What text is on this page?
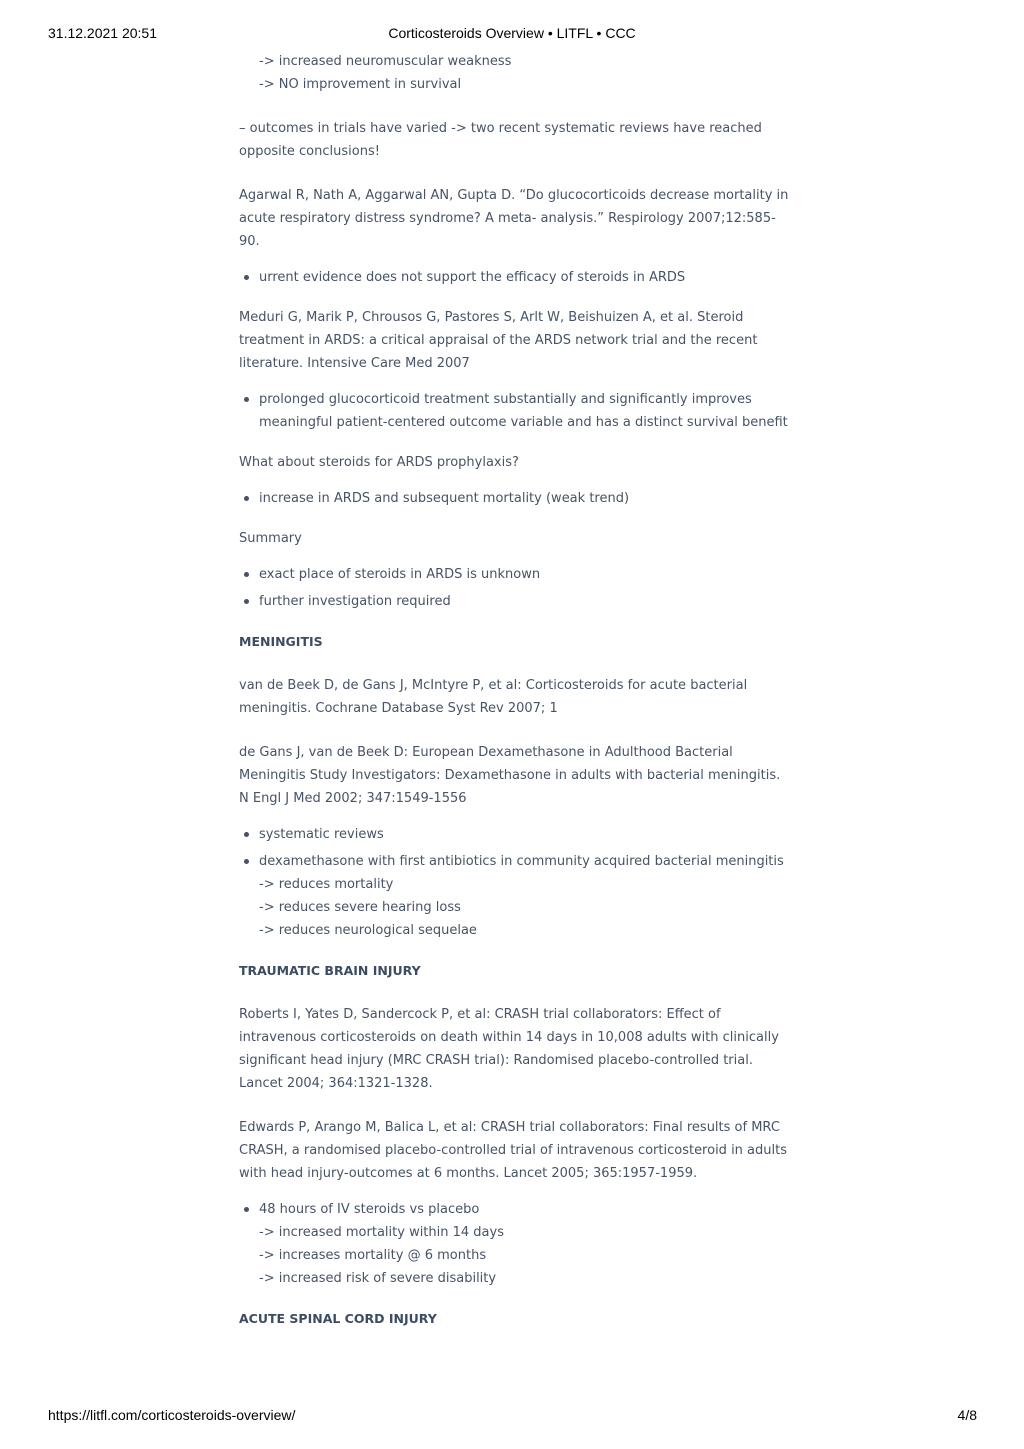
31.12.2021 20:51	Corticosteroids Overview • LITFL • CCC

-> increased neuromuscular weakness

-> NO improvement in survival

– outcomes in trials have varied -> two recent systematic reviews have reached opposite conclusions!

Agarwal R, Nath A, Aggarwal AN, Gupta D. “Do glucocorticoids decrease mortality in acute respiratory distress syndrome? A meta- analysis.” Respirology 2007;12:585-90.

urrent evidence does not support the efficacy of steroids in ARDS

Meduri G, Marik P, Chrousos G, Pastores S, Arlt W, Beishuizen A, et al. Steroid treatment in ARDS: a critical appraisal of the ARDS network trial and the recent literature. Intensive Care Med 2007

prolonged glucocorticoid treatment substantially and significantly improves meaningful patient-centered outcome variable and has a distinct survival benefit

What about steroids for ARDS prophylaxis?

increase in ARDS and subsequent mortality (weak trend)

Summary

exact place of steroids in ARDS is unknown
further investigation required

MENINGITIS

van de Beek D, de Gans J, McIntyre P, et al: Corticosteroids for acute bacterial meningitis. Cochrane Database Syst Rev 2007; 1

de Gans J, van de Beek D: European Dexamethasone in Adulthood Bacterial Meningitis Study Investigators: Dexamethasone in adults with bacterial meningitis. N Engl J Med 2002; 347:1549-1556

systematic reviews
dexamethasone with first antibiotics in community acquired bacterial meningitis
-> reduces mortality
-> reduces severe hearing loss
-> reduces neurological sequelae

TRAUMATIC BRAIN INJURY

Roberts I, Yates D, Sandercock P, et al: CRASH trial collaborators: Effect of intravenous corticosteroids on death within 14 days in 10,008 adults with clinically significant head injury (MRC CRASH trial): Randomised placebo-controlled trial. Lancet 2004; 364:1321-1328.

Edwards P, Arango M, Balica L, et al: CRASH trial collaborators: Final results of MRC CRASH, a randomised placebo-controlled trial of intravenous corticosteroid in adults with head injury-outcomes at 6 months. Lancet 2005; 365:1957-1959.

48 hours of IV steroids vs placebo
-> increased mortality within 14 days
-> increases mortality @ 6 months
-> increased risk of severe disability

ACUTE SPINAL CORD INJURY

https://litfl.com/corticosteroids-overview/	4/8
